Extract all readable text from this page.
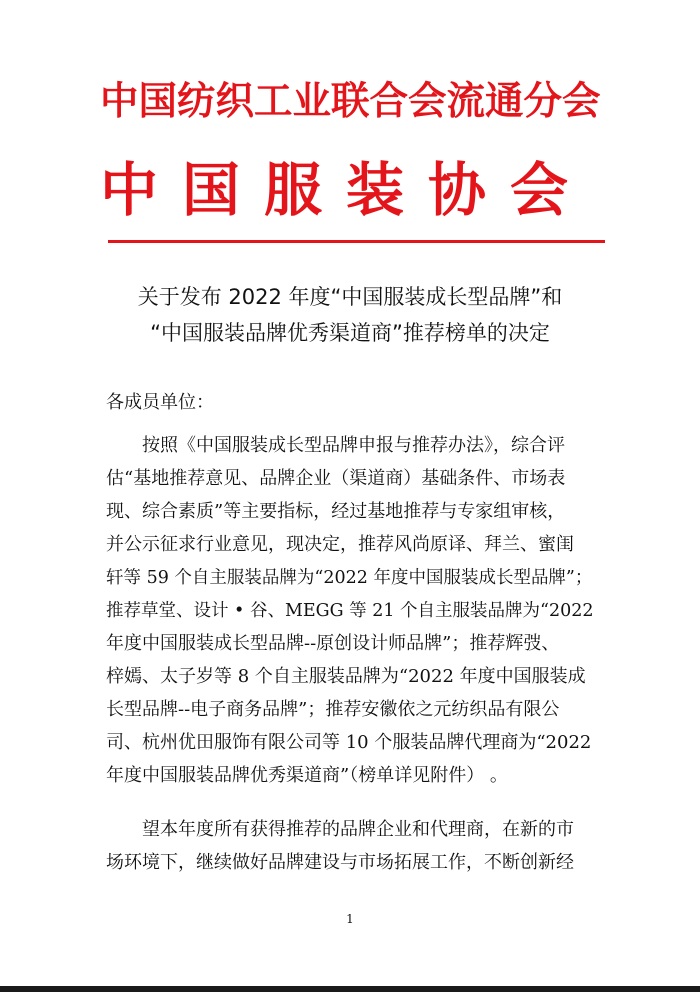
中国纺织工业联合会流通分会

中国服装协会

关于发布 2022 年度“中国服装成长型品牌”和

“中国服装品牌优秀渠道商”推荐榜单的决定

各成员单位：

　　按照《中国服装成长型品牌申报与推荐办法》，综合评

估“基地推荐意见、品牌企业（渠道商）基础条件、市场表

现、综合素质”等主要指标，经过基地推荐与专家组审核，

并公示征求行业意见，现决定，推荐风尚原译、拜兰、蜜闺

轩等 59 个自主服装品牌为“2022 年度中国服装成长型品牌”；

推荐草堂、设计 • 谷、MEGG 等 21 个自主服装品牌为“2022

年度中国服装成长型品牌--原创设计师品牌”；推荐辉弢、

梓嫣、太子岁等 8 个自主服装品牌为“2022 年度中国服装成

长型品牌--电子商务品牌”；推荐安徽依之元纺织品有限公

司、杭州优田服饰有限公司等 10 个服装品牌代理商为“2022

年度中国服装品牌优秀渠道商”（榜单详见附件） 。

　　望本年度所有获得推荐的品牌企业和代理商，在新的市

场环境下，继续做好品牌建设与市场拓展工作，不断创新经

1
